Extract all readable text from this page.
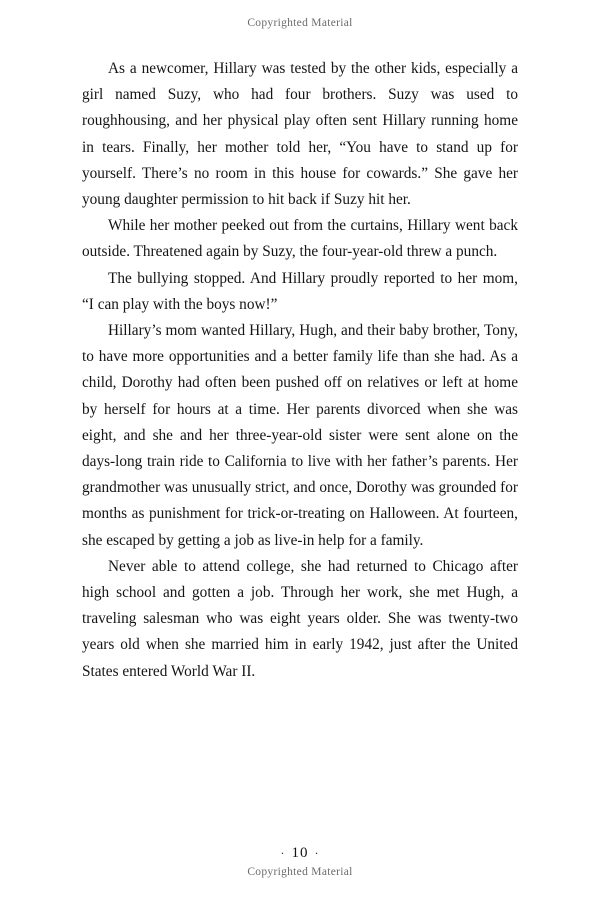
Copyrighted Material

As a newcomer, Hillary was tested by the other kids, especially a girl named Suzy, who had four brothers. Suzy was used to roughhousing, and her physical play often sent Hillary running home in tears. Finally, her mother told her, “You have to stand up for yourself. There’s no room in this house for cowards.” She gave her young daughter permission to hit back if Suzy hit her.

While her mother peeked out from the curtains, Hillary went back outside. Threatened again by Suzy, the four-year-old threw a punch.

The bullying stopped. And Hillary proudly reported to her mom, “I can play with the boys now!”

Hillary’s mom wanted Hillary, Hugh, and their baby brother, Tony, to have more opportunities and a better family life than she had. As a child, Dorothy had often been pushed off on relatives or left at home by herself for hours at a time. Her parents divorced when she was eight, and she and her three-year-old sister were sent alone on the days-long train ride to California to live with her father’s parents. Her grandmother was unusually strict, and once, Dorothy was grounded for months as punishment for trick-or-treating on Halloween. At fourteen, she escaped by getting a job as live-in help for a family.

Never able to attend college, she had returned to Chicago after high school and gotten a job. Through her work, she met Hugh, a traveling salesman who was eight years older. She was twenty-two years old when she married him in early 1942, just after the United States entered World War II.

· 10 ·
Copyrighted Material
